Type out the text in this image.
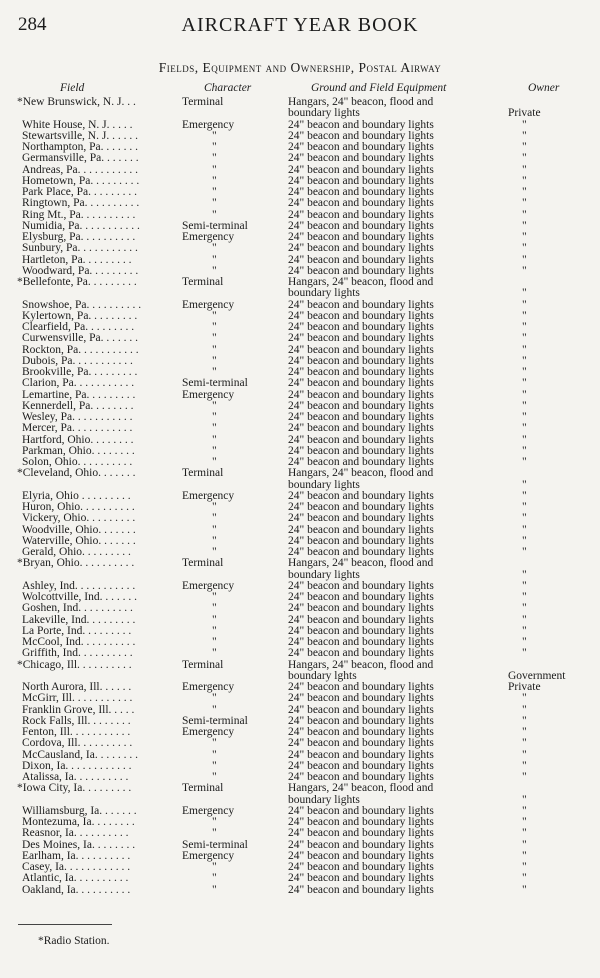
284	AIRCRAFT YEAR BOOK
Fields, Equipment and Ownership, Postal Airway
Field	Character	Ground and Field Equipment	Owner
*New Brunswick, N. J. . .	Terminal	Hangars, 24" beacon, flood and
boundary lights	Private
White House, N. J. . . . .	Emergency	24" beacon and boundary lights	"
Stewartsville, N. J. . . . . .	"	24" beacon and boundary lights	"
Northampton, Pa. . . . . . .	"	24" beacon and boundary lights	"
Germansville, Pa. . . . . . .	"	24" beacon and boundary lights	"
Andreas, Pa. . . . . . . . . . .	"	24" beacon and boundary lights	"
Hometown, Pa. . . . . . . . .	"	24" beacon and boundary lights	"
Park Place, Pa. . . . . . . . .	"	24" beacon and boundary lights	"
Ringtown, Pa. . . . . . . . . .	"	24" beacon and boundary lights	"
Ring Mt., Pa. . . . . . . . . .	"	24" beacon and boundary lights	"
Numidia, Pa. . . . . . . . . . .	Semi-terminal	24" beacon and boundary lights	"
Elysburg, Pa. . . . . . . . . .	Emergency	24" beacon and boundary lights	"
Sunbury, Pa. . . . . . . . . . .	"	24" beacon and boundary lights	"
Hartleton, Pa. . . . . . . . .	"	24" beacon and boundary lights	"
Woodward, Pa. . . . . . . . .	"	24" beacon and boundary lights	"
*Bellefonte, Pa. . . . . . . . .	Terminal	Hangars, 24" beacon, flood and
boundary lights	"
Snowshoe, Pa. . . . . . . . . .	Emergency	24" beacon and boundary lights	"
Kylertown, Pa. . . . . . . . .	"	24" beacon and boundary lights	"
Clearfield, Pa. . . . . . . . .	"	24" beacon and boundary lights	"
Curwensville, Pa. . . . . . .	"	24" beacon and boundary lights	"
Rockton, Pa. . . . . . . . . . .	"	24" beacon and boundary lights	"
Dubois, Pa. . . . . . . . . . .	"	24" beacon and boundary lights	"
Brookville, Pa. . . . . . . . .	"	24" beacon and boundary lights	"
Clarion, Pa. . . . . . . . . . .	Semi-terminal	24" beacon and boundary lights	"
Lemartine, Pa. . . . . . . . .	Emergency	24" beacon and boundary lights	"
Kennerdell, Pa. . . . . . . .	"	24" beacon and boundary lights	"
Wesley, Pa. . . . . . . . . . .	"	24" beacon and boundary lights	"
Mercer, Pa. . . . . . . . . . .	"	24" beacon and boundary lights	"
Hartford, Ohio. . . . . . . .	"	24" beacon and boundary lights	"
Parkman, Ohio. . . . . . . .	"	24" beacon and boundary lights	"
Solon, Ohio. . . . . . . . . .	"	24" beacon and boundary lights	"
*Cleveland, Ohio. . . . . . .	Terminal	Hangars, 24" beacon, flood and
boundary lights	"
Elyria, Ohio . . . . . . . . .	Emergency	24" beacon and boundary lights	"
Huron, Ohio. . . . . . . . . .	"	24" beacon and boundary lights	"
Vickery, Ohio. . . . . . . . .	"	24" beacon and boundary lights	"
Woodville, Ohio. . . . . . .	"	24" beacon and boundary lights	"
Waterville, Ohio. . . . . . .	"	24" beacon and boundary lights	"
Gerald, Ohio. . . . . . . . .	"	24" beacon and boundary lights	"
*Bryan, Ohio. . . . . . . . . .	Terminal	Hangars, 24" beacon, flood and
boundary lights	"
Ashley, Ind. . . . . . . . . . .	Emergency	24" beacon and boundary lights	"
Wolcottville, Ind. . . . . . .	"	24" beacon and boundary lights	"
Goshen, Ind. . . . . . . . . .	"	24" beacon and boundary lights	"
Lakeville, Ind. . . . . . . . .	"	24" beacon and boundary lights	"
La Porte, Ind. . . . . . . . .	"	24" beacon and boundary lights	"
McCool, Ind. . . . . . . . . .	"	24" beacon and boundary lights	"
Griffith, Ind. . . . . . . . . .	"	24" beacon and boundary lights	"
*Chicago, Ill. . . . . . . . . .	Terminal	Hangars, 24" beacon, flood and
boundary lghts	Government
North Aurora, Ill. . . . . .	Emergency	24" beacon and boundary lights	Private
McGirr, Ill. . . . . . . . . . .	"	24" beacon and boundary lights	"
Franklin Grove, Ill. . . . .	"	24" beacon and boundary lights	"
Rock Falls, Ill. . . . . . . .	Semi-terminal	24" beacon and boundary lights	"
Fenton, Ill. . . . . . . . . . .	Emergency	24" beacon and boundary lights	"
Cordova, Ill. . . . . . . . . .	"	24" beacon and boundary lights	"
McCausland, Ia. . . . . . . .	"	24" beacon and boundary lights	"
Dixon, Ia. . . . . . . . . . . .	"	24" beacon and boundary lights	"
Atalissa, Ia. . . . . . . . . .	"	24" beacon and boundary lights	"
*Iowa City, Ia. . . . . . . . .	Terminal	Hangars, 24" beacon, flood and
boundary lights	"
Williamsburg, Ia. . . . . . .	Emergency	24" beacon and boundary lights	"
Montezuma, Ia. . . . . . . .	"	24" beacon and boundary lights	"
Reasnor, Ia. . . . . . . . . .	"	24" beacon and boundary lights	"
Des Moines, Ia. . . . . . . .	Semi-terminal	24" beacon and boundary lights	"
Earlham, Ia. . . . . . . . . .	Emergency	24" beacon and boundary lights	"
Casey, Ia. . . . . . . . . . . .	"	24" beacon and boundary lights	"
Atlantic, Ia. . . . . . . . . .	"	24" beacon and boundary lights	"
Oakland, Ia. . . . . . . . . .	"	24" beacon and boundary lights	"
*Radio Station.
